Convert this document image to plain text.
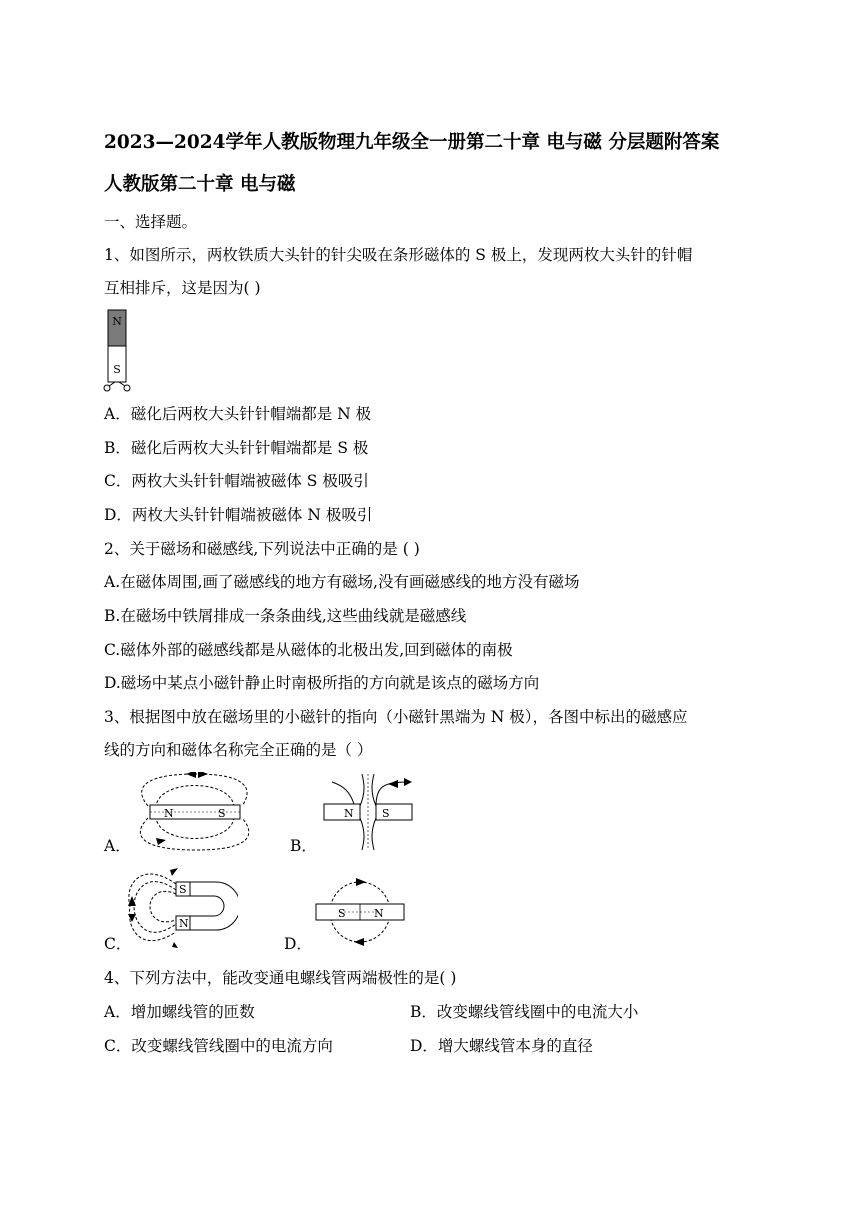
2023—2024学年人教版物理九年级全一册第二十章 电与磁 分层题附答案
人教版第二十章 电与磁
一、选择题。
1、如图所示，两枚铁质大头针的针尖吸在条形磁体的 S 极上，发现两枚大头针的针帽
互相排斥，这是因为( )
N
S
A．磁化后两枚大头针针帽端都是 N 极
B．磁化后两枚大头针针帽端都是 S 极
C．两枚大头针针帽端被磁体 S 极吸引
D．两枚大头针针帽端被磁体 N 极吸引
2、关于磁场和磁感线,下列说法中正确的是 ( )
A.在磁体周围,画了磁感线的地方有磁场,没有画磁感线的地方没有磁场
B.在磁场中铁屑排成一条条曲线,这些曲线就是磁感线
C.磁体外部的磁感线都是从磁体的北极出发,回到磁体的南极
D.磁场中某点小磁针静止时南极所指的方向就是该点的磁场方向
3、根据图中放在磁场里的小磁针的指向（小磁针黑端为 N 极），各图中标出的磁感应
线的方向和磁体名称完全正确的是（ ）
A．
N	S
B．
N	S
C．
S
N
D．
S	N
4、下列方法中，能改变通电螺线管两端极性的是( )
A．增加螺线管的匝数	B．改变螺线管线圈中的电流大小
C．改变螺线管线圈中的电流方向	D．增大螺线管本身的直径
